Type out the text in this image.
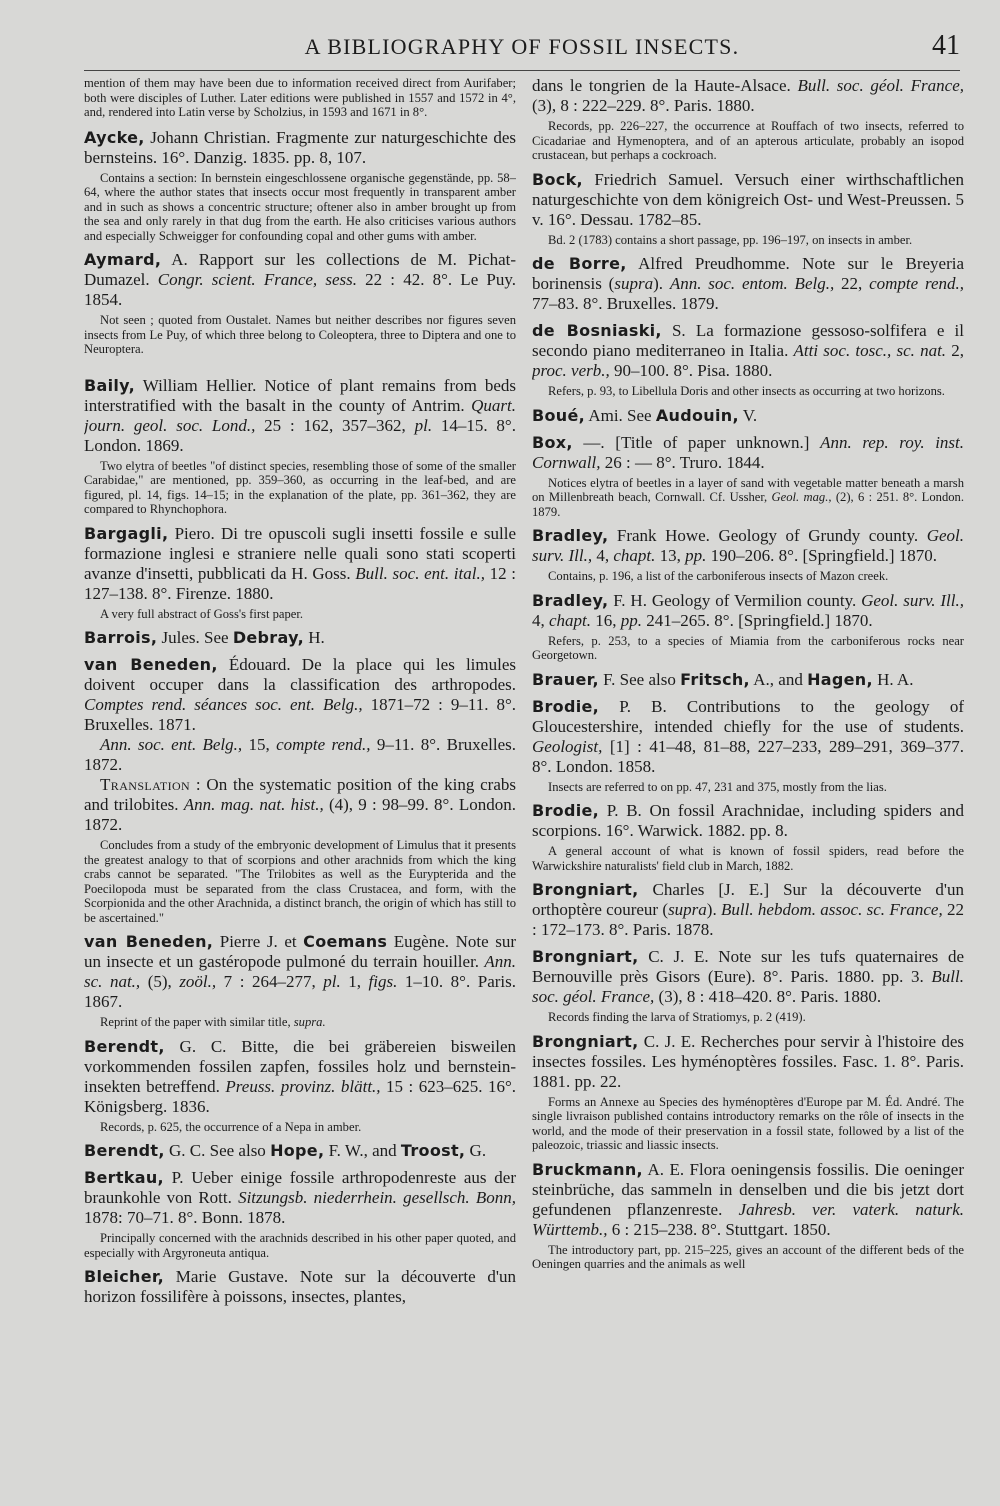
A BIBLIOGRAPHY OF FOSSIL INSECTS.	41

mention of them may have been due to information received direct from Aurifaber; both were disciples of Luther. Later editions were published in 1557 and 1572 in 4°, and, rendered into Latin verse by Scholzius, in 1593 and 1671 in 8°.

Aycke, Johann Christian. Fragmente zur naturgeschichte des bernsteins. 16°. Danzig. 1835. pp. 8, 107.

Contains a section: In bernstein eingeschlossene organische gegenstände, pp. 58–64, where the author states that insects occur most frequently in transparent amber and in such as shows a concentric structure; oftener also in amber brought up from the sea and only rarely in that dug from the earth. He also criticises various authors and especially Schweigger for confounding copal and other gums with amber.

Aymard, A. Rapport sur les collections de M. Pichat-Dumazel. Congr. scient. France, sess. 22 : 42. 8°. Le Puy. 1854.

Not seen ; quoted from Oustalet. Names but neither describes nor figures seven insects from Le Puy, of which three belong to Coleoptera, three to Diptera and one to Neuroptera.

Baily, William Hellier. Notice of plant remains from beds interstratified with the basalt in the county of Antrim. Quart. journ. geol. soc. Lond., 25 : 162, 357–362, pl. 14–15. 8°. London. 1869.

Two elytra of beetles "of distinct species, resembling those of some of the smaller Carabidae," are mentioned, pp. 359–360, as occurring in the leaf-bed, and are figured, pl. 14, figs. 14–15; in the explanation of the plate, pp. 361–362, they are compared to Rhynchophora.

Bargagli, Piero. Di tre opuscoli sugli insetti fossile e sulle formazione inglesi e straniere nelle quali sono stati scoperti avanze d'insetti, pubblicati da H. Goss. Bull. soc. ent. ital., 12 : 127–138. 8°. Firenze. 1880.

A very full abstract of Goss's first paper.

Barrois, Jules. See Debray, H.

van Beneden, Édouard. De la place qui les limules doivent occuper dans la classification des arthropodes. Comptes rend. séances soc. ent. Belg., 1871–72 : 9–11. 8°. Bruxelles. 1871.

Ann. soc. ent. Belg., 15, compte rend., 9–11. 8°. Bruxelles. 1872.

Translation : On the systematic position of the king crabs and trilobites. Ann. mag. nat. hist., (4), 9 : 98–99. 8°. London. 1872.

Concludes from a study of the embryonic development of Limulus that it presents the greatest analogy to that of scorpions and other arachnids from which the king crabs cannot be separated. "The Trilobites as well as the Eurypterida and the Poecilopoda must be separated from the class Crustacea, and form, with the Scorpionida and the other Arachnida, a distinct branch, the origin of which has still to be ascertained."

van Beneden, Pierre J. et Coemans Eugène. Note sur un insecte et un gastéropode pulmoné du terrain houiller. Ann. sc. nat., (5), zoöl., 7 : 264–277, pl. 1, figs. 1–10. 8°. Paris. 1867.

Reprint of the paper with similar title, supra.

Berendt, G. C. Bitte, die bei gräbereien bisweilen vorkommenden fossilen zapfen, fossiles holz und bernstein-insekten betreffend. Preuss. provinz. blätt., 15 : 623–625. 16°. Königsberg. 1836.

Records, p. 625, the occurrence of a Nepa in amber.

Berendt, G. C. See also Hope, F. W., and Troost, G.

Bertkau, P. Ueber einige fossile arthropodenreste aus der braunkohle von Rott. Sitzungsb. niederrhein. gesellsch. Bonn, 1878: 70–71. 8°. Bonn. 1878.

Principally concerned with the arachnids described in his other paper quoted, and especially with Argyroneuta antiqua.

Bleicher, Marie Gustave. Note sur la découverte d'un horizon fossilifère à poissons, insectes, plantes,

dans le tongrien de la Haute-Alsace. Bull. soc. géol. France, (3), 8 : 222–229. 8°. Paris. 1880.

Records, pp. 226–227, the occurrence at Rouffach of two insects, referred to Cicadariae and Hymenoptera, and of an apterous articulate, probably an isopod crustacean, but perhaps a cockroach.

Bock, Friedrich Samuel. Versuch einer wirthschaftlichen naturgeschichte von dem königreich Ost- und West-Preussen. 5 v. 16°. Dessau. 1782–85.

Bd. 2 (1783) contains a short passage, pp. 196–197, on insects in amber.

de Borre, Alfred Preudhomme. Note sur le Breyeria borinensis (supra). Ann. soc. entom. Belg., 22, compte rend., 77–83. 8°. Bruxelles. 1879.

de Bosniaski, S. La formazione gessoso-solfifera e il secondo piano mediterraneo in Italia. Atti soc. tosc., sc. nat. 2, proc. verb., 90–100. 8°. Pisa. 1880.

Refers, p. 93, to Libellula Doris and other insects as occurring at two horizons.

Boué, Ami. See Audouin, V.

Box, —. [Title of paper unknown.] Ann. rep. roy. inst. Cornwall, 26 : — 8°. Truro. 1844.

Notices elytra of beetles in a layer of sand with vegetable matter beneath a marsh on Millenbreath beach, Cornwall. Cf. Ussher, Geol. mag., (2), 6 : 251. 8°. London. 1879.

Bradley, Frank Howe. Geology of Grundy county. Geol. surv. Ill., 4, chapt. 13, pp. 190–206. 8°. [Springfield.] 1870.

Contains, p. 196, a list of the carboniferous insects of Mazon creek.

Bradley, F. H. Geology of Vermilion county. Geol. surv. Ill., 4, chapt. 16, pp. 241–265. 8°. [Springfield.] 1870.

Refers, p. 253, to a species of Miamia from the carboniferous rocks near Georgetown.

Brauer, F. See also Fritsch, A., and Hagen, H. A.

Brodie, P. B. Contributions to the geology of Gloucestershire, intended chiefly for the use of students. Geologist, [1] : 41–48, 81–88, 227–233, 289–291, 369–377. 8°. London. 1858.

Insects are referred to on pp. 47, 231 and 375, mostly from the lias.

Brodie, P. B. On fossil Arachnidae, including spiders and scorpions. 16°. Warwick. 1882. pp. 8.

A general account of what is known of fossil spiders, read before the Warwickshire naturalists' field club in March, 1882.

Brongniart, Charles [J. E.] Sur la découverte d'un orthoptère coureur (supra). Bull. hebdom. assoc. sc. France, 22 : 172–173. 8°. Paris. 1878.

Brongniart, C. J. E. Note sur les tufs quaternaires de Bernouville près Gisors (Eure). 8°. Paris. 1880. pp. 3. Bull. soc. géol. France, (3), 8 : 418–420. 8°. Paris. 1880.

Records finding the larva of Stratiomys, p. 2 (419).

Brongniart, C. J. E. Recherches pour servir à l'histoire des insectes fossiles. Les hyménoptères fossiles. Fasc. 1. 8°. Paris. 1881. pp. 22.

Forms an Annexe au Species des hyménoptères d'Europe par M. Éd. André. The single livraison published contains introductory remarks on the rôle of insects in the world, and the mode of their preservation in a fossil state, followed by a list of the paleozoic, triassic and liassic insects.

Bruckmann, A. E. Flora oeningensis fossilis. Die oeninger steinbrüche, das sammeln in denselben und die bis jetzt dort gefundenen pflanzenreste. Jahresb. ver. vaterk. naturk. Württemb., 6 : 215–238. 8°. Stuttgart. 1850.

The introductory part, pp. 215–225, gives an account of the different beds of the Oeningen quarries and the animals as well
